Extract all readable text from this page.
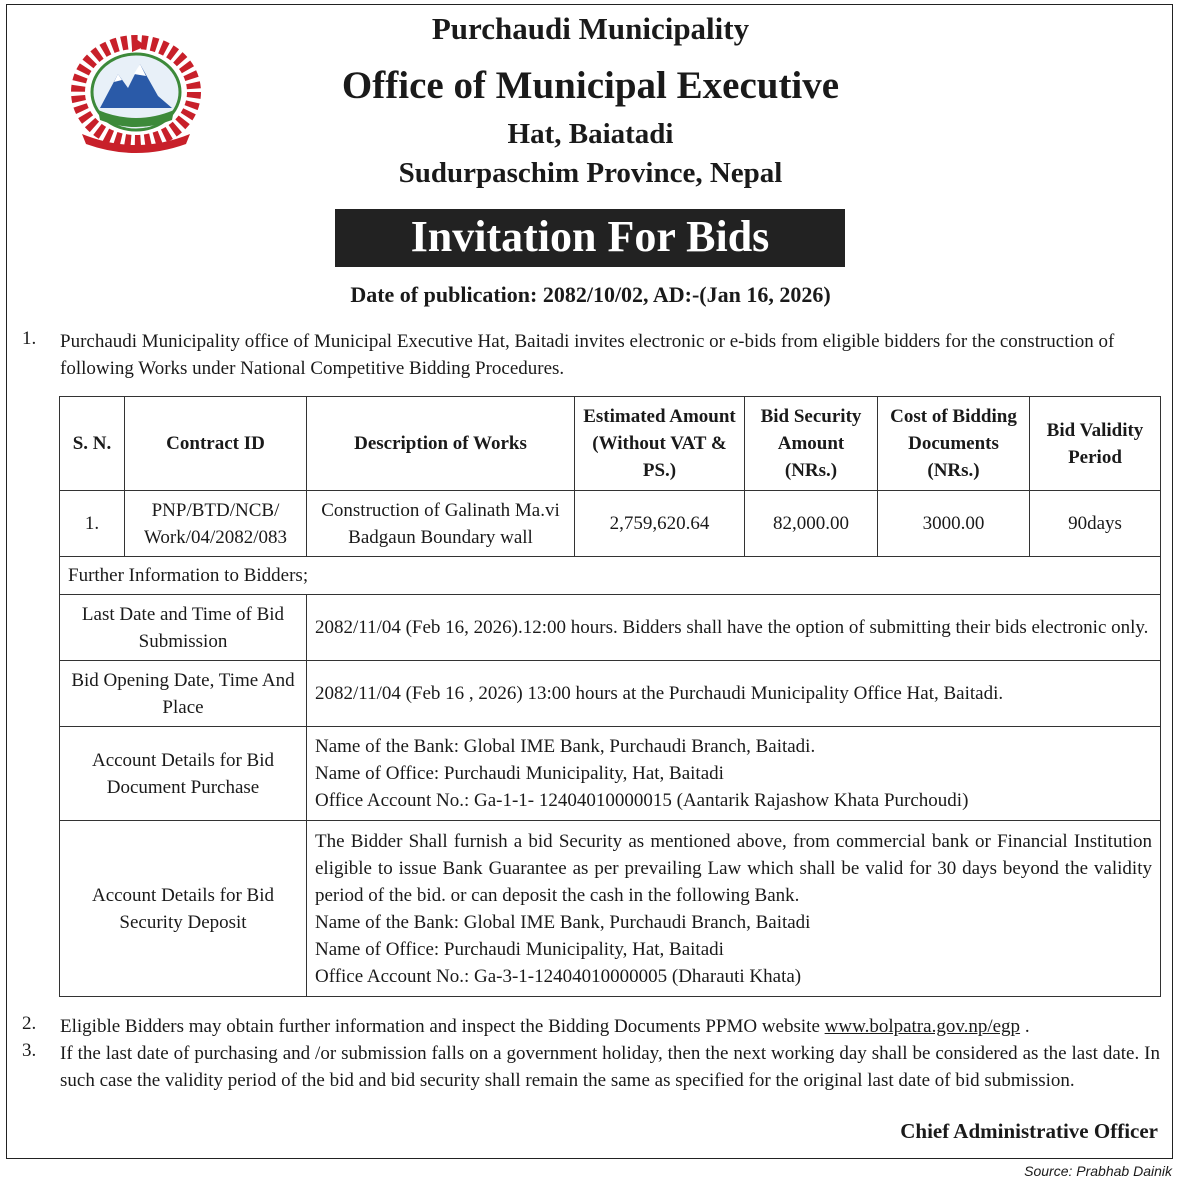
Purchaudi Municipality
Office of Municipal Executive
Hat, Baiatadi
Sudurpaschim Province, Nepal
Invitation For Bids
Date of publication: 2082/10/02, AD:-(Jan 16, 2026)
1. Purchaudi Municipality office of Municipal Executive Hat, Baitadi invites electronic or e-bids from eligible bidders for the construction of following Works under National Competitive Bidding Procedures.
S. N.	Contract ID	Description of Works	Estimated Amount (Without VAT & PS.)	Bid Security Amount (NRs.)	Cost of Bidding Documents (NRs.)	Bid Validity Period
1.	PNP/BTD/NCB/ Work/04/2082/083	Construction of Galinath Ma.vi Badgaun Boundary wall	2,759,620.64	82,000.00	3000.00	90days
Further Information to Bidders;						
Last Date and Time of Bid Submission		2082/11/04 (Feb 16, 2026).12:00 hours. Bidders shall have the option of submitting their bids electronic only.				
Bid Opening Date, Time And Place		2082/11/04 (Feb 16 , 2026) 13:00 hours at the Purchaudi Municipality Office Hat, Baitadi.				
Account Details for Bid Document Purchase		Name of the Bank: Global IME Bank, Purchaudi Branch, Baitadi.
Name of Office: Purchaudi Municipality, Hat, Baitadi
Office Account No.: Ga-1-1- 12404010000015 (Aantarik Rajashow Khata Purchoudi)				

Account Details for Bid Security Deposit		The Bidder Shall furnish a bid Security as mentioned above, from commercial bank or Financial Institution eligible to issue Bank Guarantee as per prevailing Law which shall be valid for 30 days beyond the validity period of the bid. or can deposit the cash in the following Bank.
Name of the Bank: Global IME Bank, Purchaudi Branch, Baitadi
Name of Office: Purchaudi Municipality, Hat, Baitadi
Office Account No.: Ga-3-1-12404010000005 (Dharauti Khata)				
2. Eligible Bidders may obtain further information and inspect the Bidding Documents PPMO website www.bolpatra.gov.np/egp .
3. If the last date of purchasing and /or submission falls on a government holiday, then the next working day shall be considered as the last date. In such case the validity period of the bid and bid security shall remain the same as specified for the original last date of bid submission.
Chief Administrative Officer
Source: Prabhab Dainik
